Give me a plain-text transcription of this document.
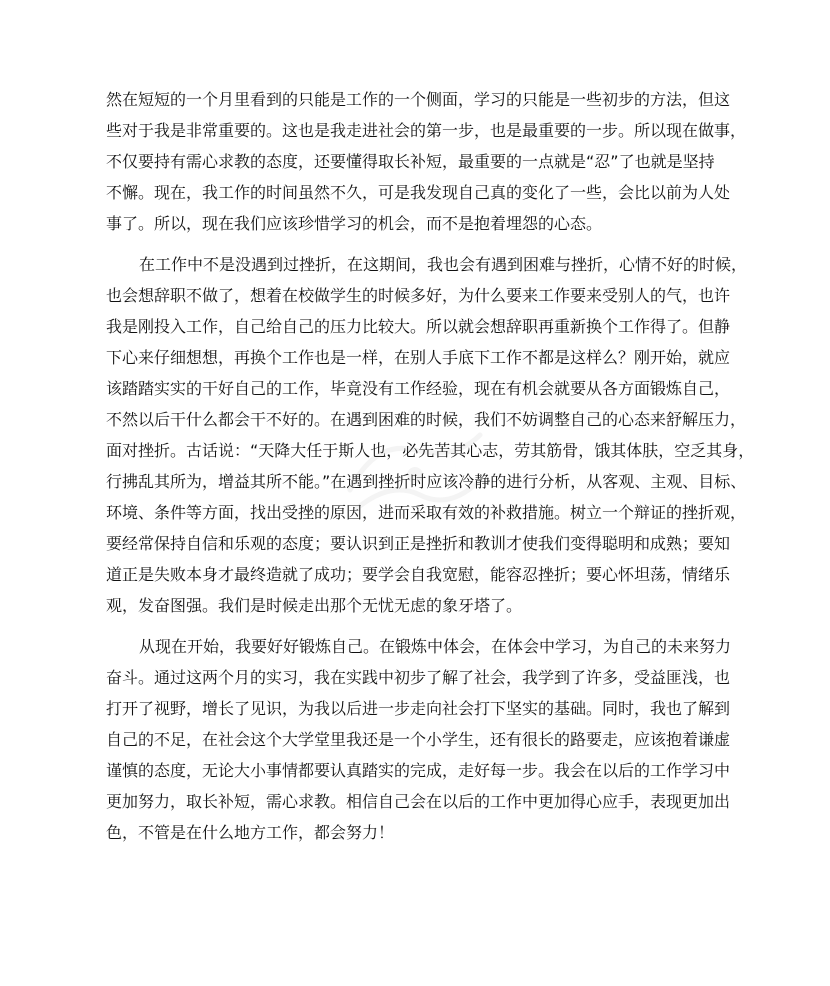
然在短短的一个月里看到的只能是工作的一个侧面，学习的只能是一些初步的方法，但这
些对于我是非常重要的。这也是我走进社会的第一步，也是最重要的一步。所以现在做事，
不仅要持有需心求教的态度，还要懂得取长补短，最重要的一点就是“忍”了也就是坚持
不懈。现在，我工作的时间虽然不久，可是我发现自己真的变化了一些，会比以前为人处
事了。所以，现在我们应该珍惜学习的机会，而不是抱着埋怨的心态。
在工作中不是没遇到过挫折，在这期间，我也会有遇到困难与挫折，心情不好的时候，
也会想辞职不做了，想着在校做学生的时候多好，为什么要来工作要来受别人的气，也许
我是刚投入工作，自己给自己的压力比较大。所以就会想辞职再重新换个工作得了。但静
下心来仔细想想，再换个工作也是一样，在别人手底下工作不都是这样么？刚开始，就应
该踏踏实实的干好自己的工作，毕竟没有工作经验，现在有机会就要从各方面锻炼自己，
不然以后干什么都会干不好的。在遇到困难的时候，我们不妨调整自己的心态来舒解压力，
面对挫折。古话说：“天降大任于斯人也，必先苦其心志，劳其筋骨，饿其体肤，空乏其身，
行拂乱其所为，增益其所不能。”在遇到挫折时应该冷静的进行分析，从客观、主观、目标、
环境、条件等方面，找出受挫的原因，进而采取有效的补救措施。树立一个辩证的挫折观，
要经常保持自信和乐观的态度；要认识到正是挫折和教训才使我们变得聪明和成熟；要知
道正是失败本身才最终造就了成功；要学会自我宽慰，能容忍挫折；要心怀坦荡，情绪乐
观，发奋图强。我们是时候走出那个无忧无虑的象牙塔了。
从现在开始，我要好好锻炼自己。在锻炼中体会，在体会中学习，为自己的未来努力
奋斗。通过这两个月的实习，我在实践中初步了解了社会，我学到了许多，受益匪浅，也
打开了视野，增长了见识，为我以后进一步走向社会打下坚实的基础。同时，我也了解到
自己的不足，在社会这个大学堂里我还是一个小学生，还有很长的路要走，应该抱着谦虚
谨慎的态度，无论大小事情都要认真踏实的完成，走好每一步。我会在以后的工作学习中
更加努力，取长补短，需心求教。相信自己会在以后的工作中更加得心应手，表现更加出
色，不管是在什么地方工作，都会努力！
